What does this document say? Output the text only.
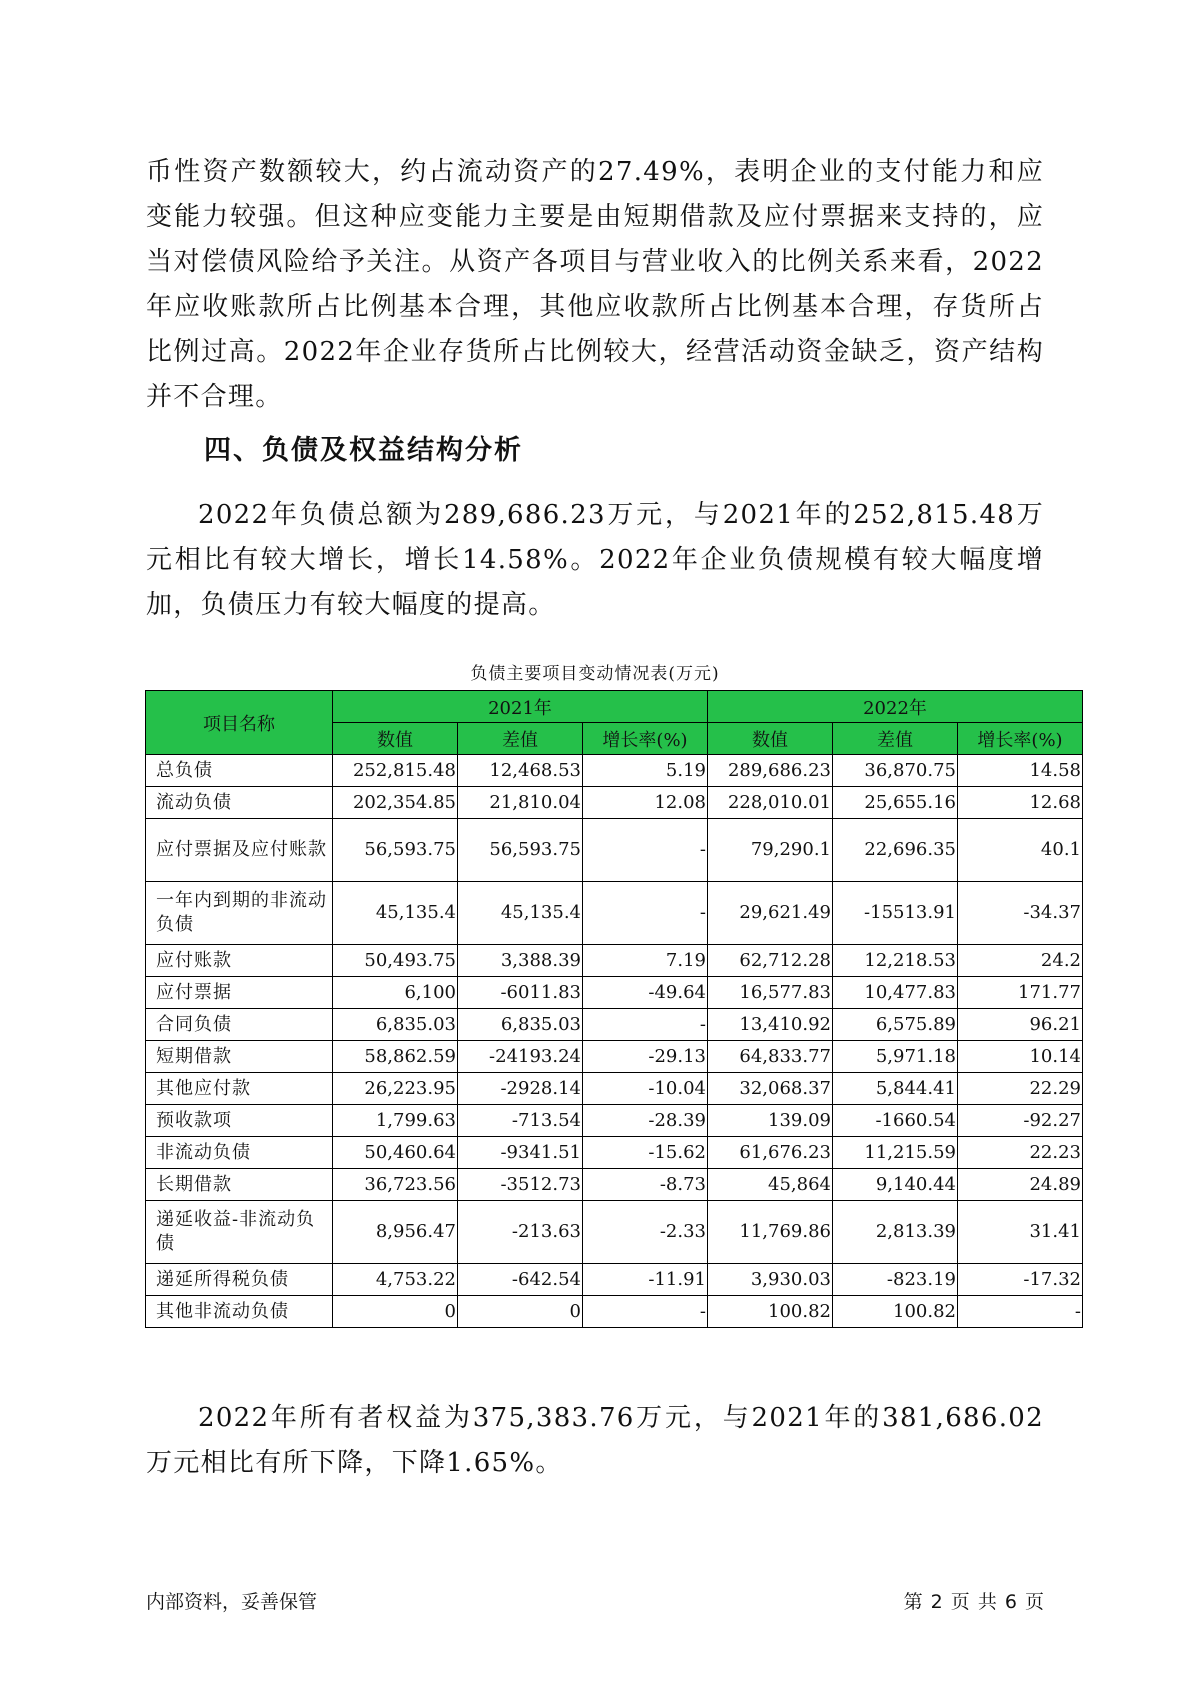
币性资产数额较大，约占流动资产的27.49%，表明企业的支付能力和应变能力较强。但这种应变能力主要是由短期借款及应付票据来支持的，应当对偿债风险给予关注。从资产各项目与营业收入的比例关系来看，2022年应收账款所占比例基本合理，其他应收款所占比例基本合理，存货所占比例过高。2022年企业存货所占比例较大，经营活动资金缺乏，资产结构并不合理。

四、负债及权益结构分析

2022年负债总额为289,686.23万元，与2021年的252,815.48万元相比有较大增长，增长14.58%。2022年企业负债规模有较大幅度增加，负债压力有较大幅度的提高。

负债主要项目变动情况表(万元)
项目名称	2021年			2022年		
	数值	差值	增长率(%)	数值	差值	增长率(%)
总负债	252,815.48	12,468.53	5.19	289,686.23	36,870.75	14.58
流动负债	202,354.85	21,810.04	12.08	228,010.01	25,655.16	12.68
应付票据及应付账款	56,593.75	56,593.75	-	79,290.1	22,696.35	40.1
一年内到期的非流动负债	45,135.4	45,135.4	-	29,621.49	-15513.91	-34.37
应付账款	50,493.75	3,388.39	7.19	62,712.28	12,218.53	24.2
应付票据	6,100	-6011.83	-49.64	16,577.83	10,477.83	171.77
合同负债	6,835.03	6,835.03	-	13,410.92	6,575.89	96.21
短期借款	58,862.59	-24193.24	-29.13	64,833.77	5,971.18	10.14
其他应付款	26,223.95	-2928.14	-10.04	32,068.37	5,844.41	22.29
预收款项	1,799.63	-713.54	-28.39	139.09	-1660.54	-92.27
非流动负债	50,460.64	-9341.51	-15.62	61,676.23	11,215.59	22.23
长期借款	36,723.56	-3512.73	-8.73	45,864	9,140.44	24.89
递延收益-非流动负债	8,956.47	-213.63	-2.33	11,769.86	2,813.39	31.41
递延所得税负债	4,753.22	-642.54	-11.91	3,930.03	-823.19	-17.32
其他非流动负债	0	0	-	100.82	100.82	-

2022年所有者权益为375,383.76万元，与2021年的381,686.02万元相比有所下降，下降1.65%。

内部资料，妥善保管	第 2 页 共 6 页
